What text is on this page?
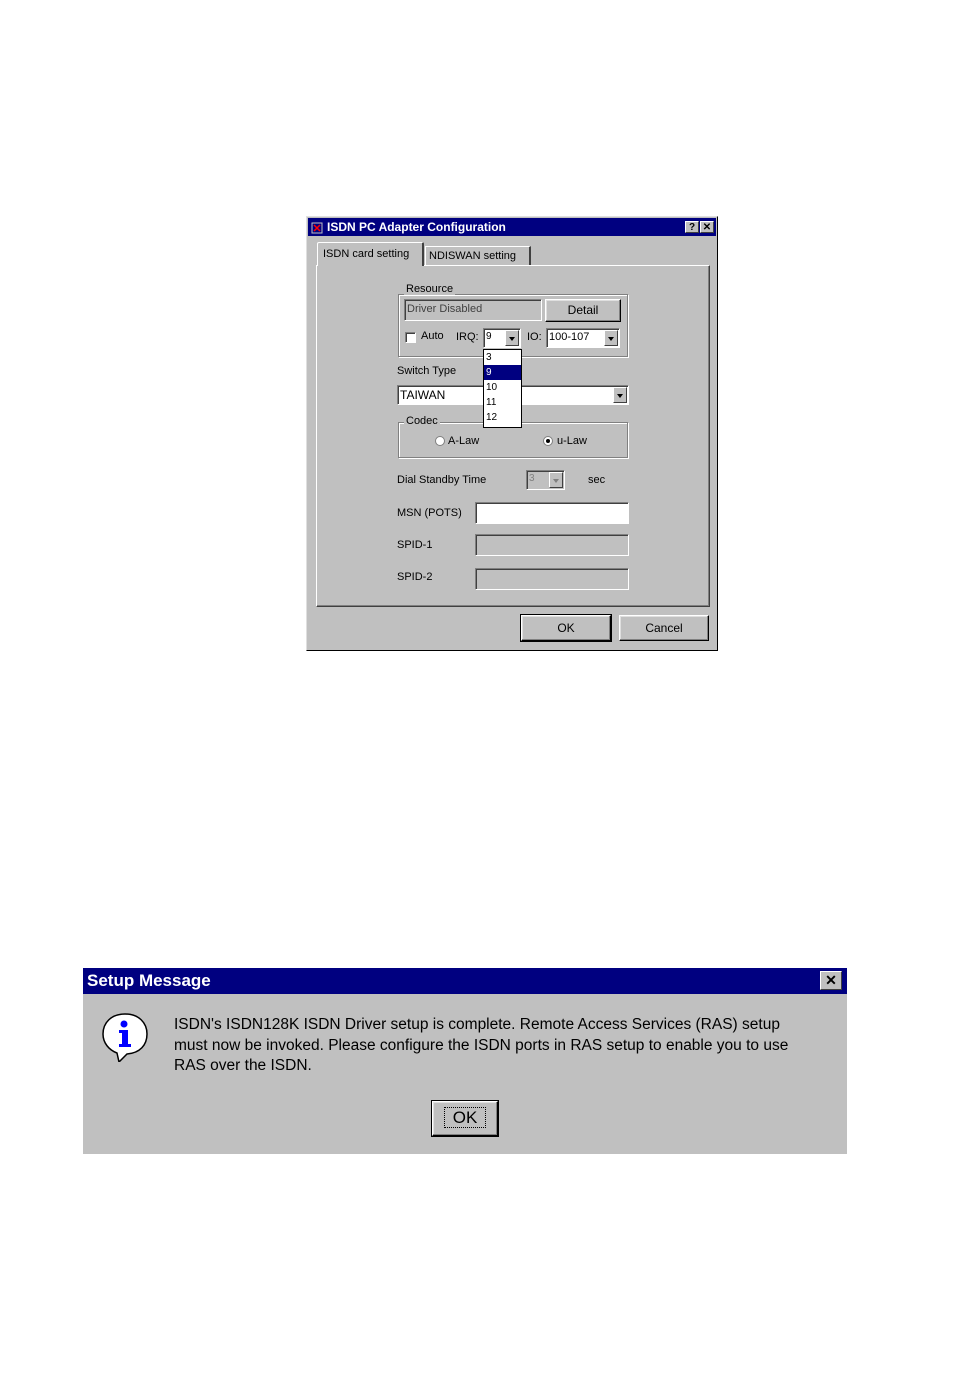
ISDN PC Adapter Configuration	? ✕
ISDN card setting	NDISWAN setting
Resource
Driver Disabled	Detail
Auto IRQ: 9	IO: 100-107
Switch Type
TAIWAN
Codec
A-Law	u-Law
Dial Standby Time	3	sec
MSN (POTS)
SPID-1
SPID-2
OK	Cancel
3
9
10
11
12
Setup Message	✕
ISDN's ISDN128K ISDN Driver setup is complete. Remote Access Services (RAS) setup
must now be invoked. Please configure the ISDN ports in RAS setup to enable you to use
RAS over the ISDN.
OK
